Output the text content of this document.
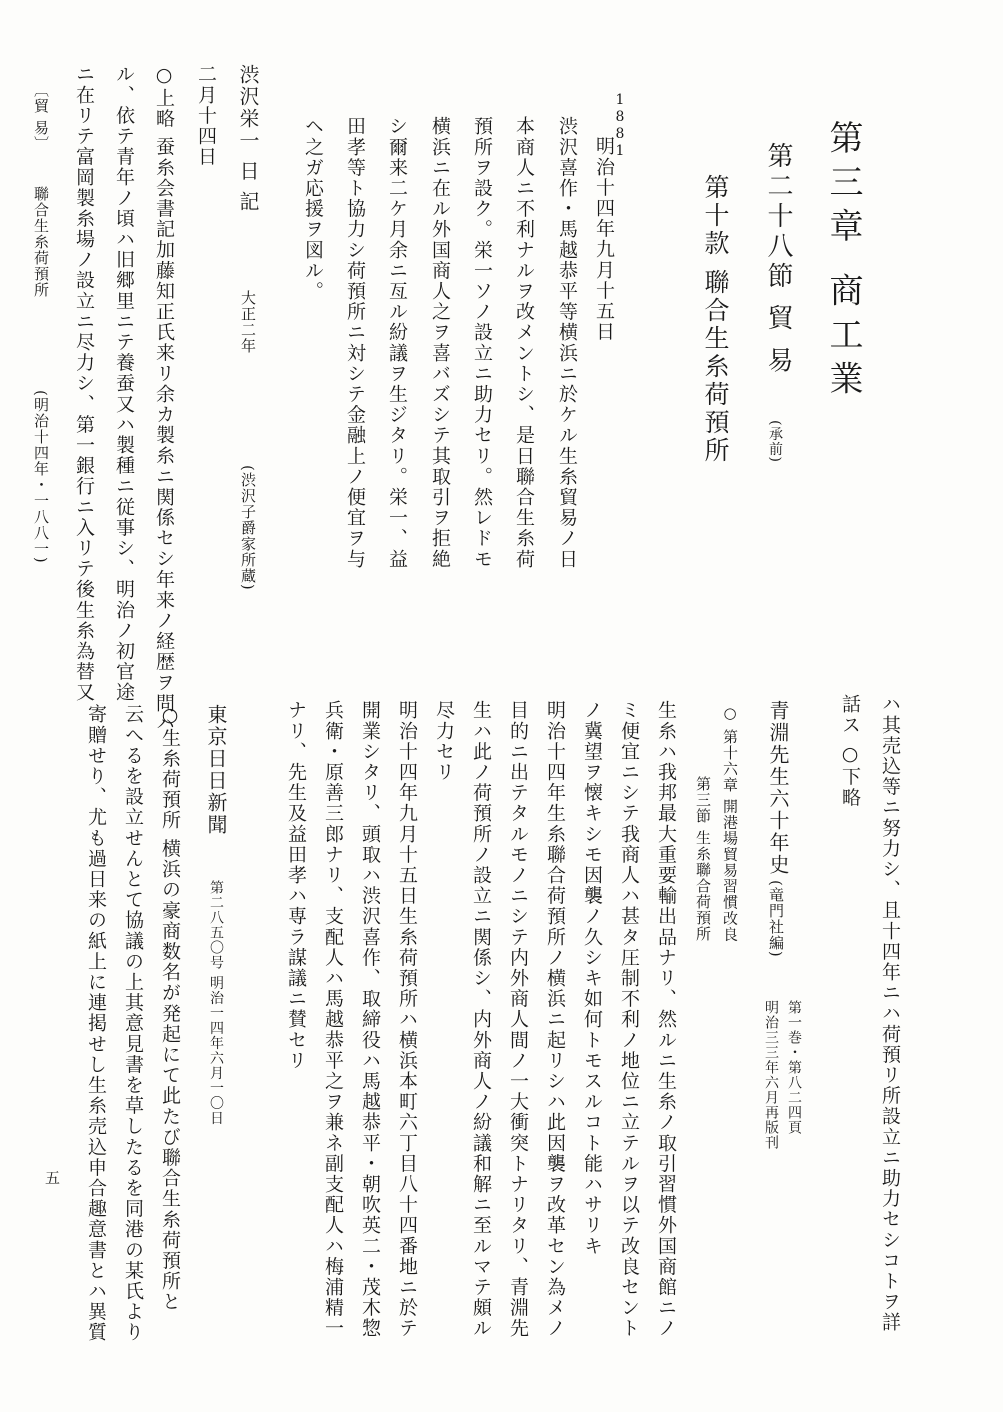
第三章 商工業
第二十八節 貿 易
(承前)
第十款 聯合生糸荷預所
1881
明治十四年九月十五日
渋沢喜作・馬越恭平等横浜ニ於ケル生糸貿易ノ日
本商人ニ不利ナルヲ改メントシ、是日聯合生糸荷
預所ヲ設ク。栄一ソノ設立ニ助力セリ。然レドモ
横浜ニ在ル外国商人之ヲ喜バズシテ其取引ヲ拒絶
シ爾来二ケ月余ニ亙ル紛議ヲ生ジタリ。栄一、益
田孝等ト協力シ荷預所ニ対シテ金融上ノ便宜ヲ与
ヘ之ガ応援ヲ図ル。
渋沢栄一 日 記
大正二年
(渋沢子爵家所蔵)
二月十四日
○上略 蚕糸会書記加藤知正氏来リ余カ製糸ニ関係セシ年来ノ経歴ヲ問ハ
ル、依テ青年ノ頃ハ旧郷里ニテ養蚕又ハ製種ニ従事シ、明治ノ初官途
ニ在リテ富岡製糸場ノ設立ニ尽力シ、第一銀行ニ入リテ後生糸為替又
〔貿 易〕
聯合生糸荷預所
(明治十四年・一八八一)
ハ其売込等ニ努力シ、且十四年ニハ荷預リ所設立ニ助力セシコトヲ詳
話ス ○下略
青淵先生六十年史
(竜門社編)
第一巻・第八二四頁
明治三三年六月再版刊
○ 第十六章 開港場貿易習慣改良
第三節 生糸聯合荷預所
生糸ハ我邦最大重要輸出品ナリ、然ルニ生糸ノ取引習慣外国商館ニノ
ミ便宜ニシテ我商人ハ甚タ圧制不利ノ地位ニ立テルヲ以テ改良セント
ノ冀望ヲ懐キシモ因襲ノ久シキ如何トモスルコト能ハサリキ
明治十四年生糸聯合荷預所ノ横浜ニ起リシハ此因襲ヲ改革セン為メノ
目的ニ出テタルモノニシテ内外商人間ノ一大衝突トナリタリ、青淵先
生ハ此ノ荷預所ノ設立ニ関係シ、内外商人ノ紛議和解ニ至ルマテ頗ル
尽力セリ
明治十四年九月十五日生糸荷預所ハ横浜本町六丁目八十四番地ニ於テ
開業シタリ、頭取ハ渋沢喜作、取締役ハ馬越恭平・朝吹英二・茂木惣
兵衛・原善三郎ナリ、支配人ハ馬越恭平之ヲ兼ネ副支配人ハ梅浦精一
ナリ、先生及益田孝ハ専ラ謀議ニ賛セリ
東京日日新聞
第二八五〇号 明治一四年六月一〇日
○生糸荷預所 横浜の豪商数名が発起にて此たび聯合生糸荷預所と
云へるを設立せんとて協議の上其意見書を草したるを同港の某氏より
寄贈せり、尤も過日来の紙上に連掲せし生糸売込申合趣意書とハ異質
五
